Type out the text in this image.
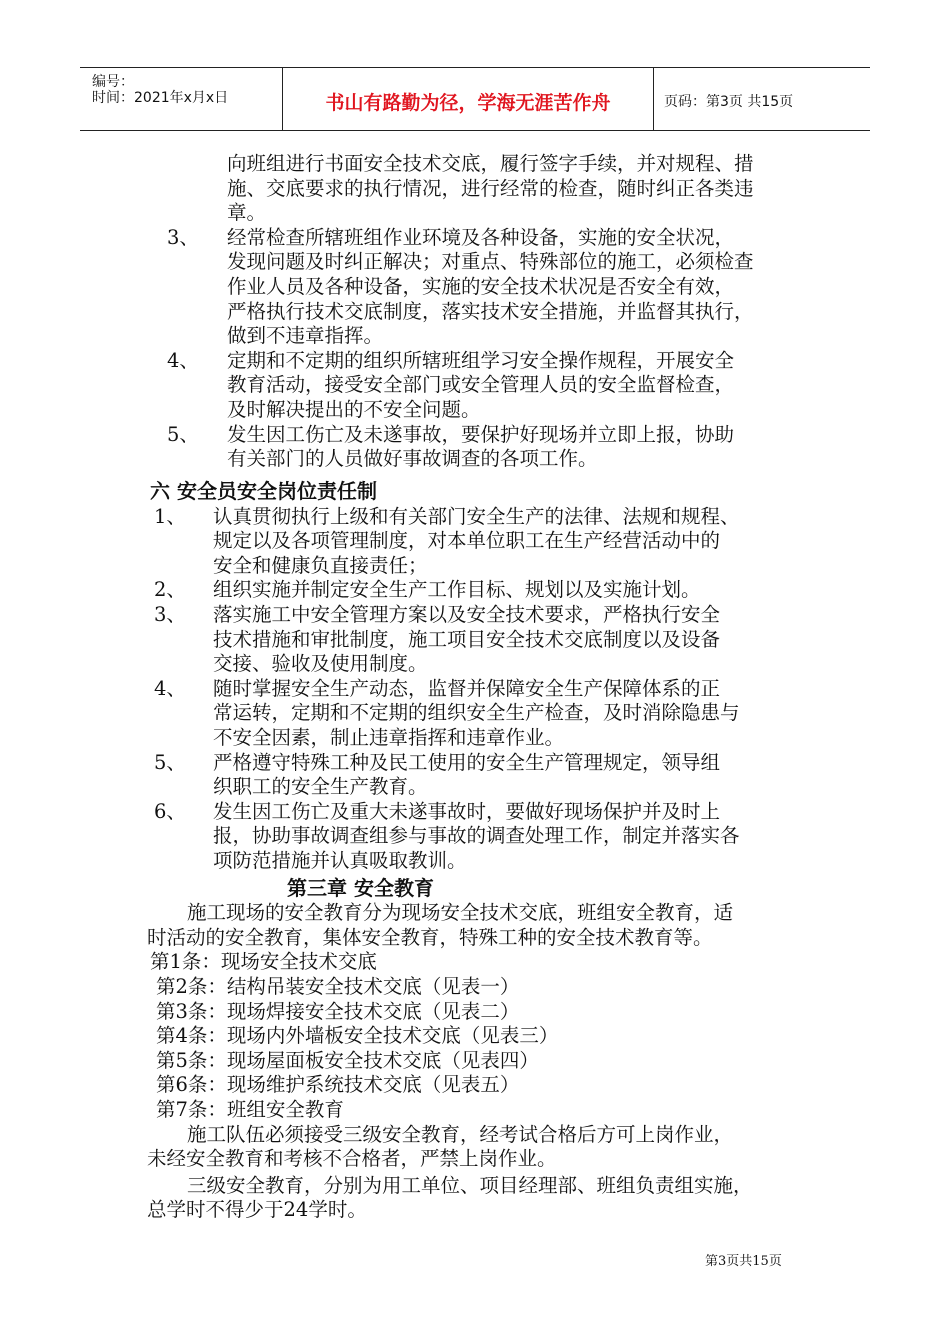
编号：
时间：2021年x月x日	书山有路勤为径，学海无涯苦作舟	页码：第3页 共15页
向班组进行书面安全技术交底，履行签字手续，并对规程、措
施、交底要求的执行情况，进行经常的检查，随时纠正各类违
章。
3、 经常检查所辖班组作业环境及各种设备，实施的安全状况，
发现问题及时纠正解决；对重点、特殊部位的施工，必须检查
作业人员及各种设备，实施的安全技术状况是否安全有效，
严格执行技术交底制度，落实技术安全措施，并监督其执行，
做到不违章指挥。
4、 定期和不定期的组织所辖班组学习安全操作规程，开展安全
教育活动，接受安全部门或安全管理人员的安全监督检查，
及时解决提出的不安全问题。
5、 发生因工伤亡及未遂事故，要保护好现场并立即上报，协助
有关部门的人员做好事故调查的各项工作。
六 安全员安全岗位责任制
1、 认真贯彻执行上级和有关部门安全生产的法律、法规和规程、
规定以及各项管理制度，对本单位职工在生产经营活动中的
安全和健康负直接责任；
2、 组织实施并制定安全生产工作目标、规划以及实施计划。
3、 落实施工中安全管理方案以及安全技术要求，严格执行安全
技术措施和审批制度，施工项目安全技术交底制度以及设备
交接、验收及使用制度。
4、 随时掌握安全生产动态，监督并保障安全生产保障体系的正
常运转，定期和不定期的组织安全生产检查，及时消除隐患与
不安全因素，制止违章指挥和违章作业。
5、 严格遵守特殊工种及民工使用的安全生产管理规定，领导组
织职工的安全生产教育。
6、 发生因工伤亡及重大未遂事故时，要做好现场保护并及时上
报，协助事故调查组参与事故的调查处理工作，制定并落实各
项防范措施并认真吸取教训。
第三章 安全教育
施工现场的安全教育分为现场安全技术交底，班组安全教育，适
时活动的安全教育，集体安全教育，特殊工种的安全技术教育等。
第1条：现场安全技术交底
第2条：结构吊装安全技术交底（见表一）
第3条：现场焊接安全技术交底（见表二）
第4条：现场内外墙板安全技术交底（见表三）
第5条：现场屋面板安全技术交底（见表四）
第6条：现场维护系统技术交底（见表五）
第7条：班组安全教育
施工队伍必须接受三级安全教育，经考试合格后方可上岗作业，
未经安全教育和考核不合格者，严禁上岗作业。
三级安全教育，分别为用工单位、项目经理部、班组负责组实施，
总学时不得少于24学时。
第3页共15页
